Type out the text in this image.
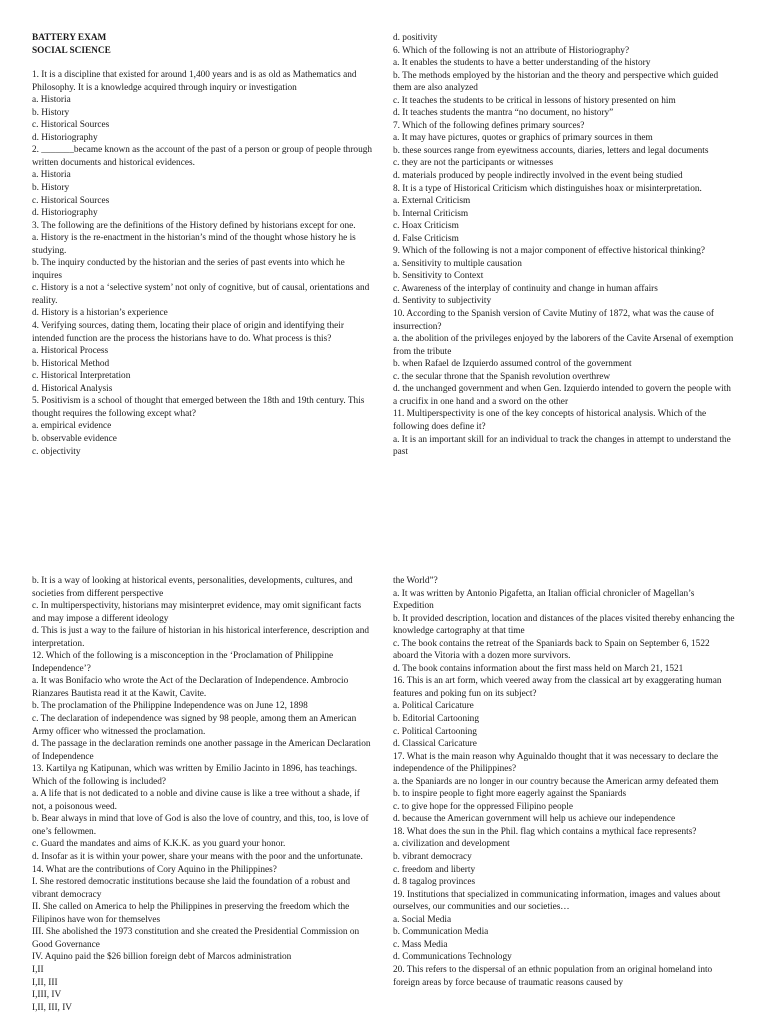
BATTERY EXAM

SOCIAL SCIENCE

1. It is a discipline that existed for around 1,400 years and is as old as Mathematics and Philosophy. It is a knowledge acquired through inquiry or investigation

a. Historia

b. History

c. Historical Sources

d. Historiography

2. _______became known as the account of the past of a person or group of people through written documents and historical evidences.

a. Historia

b. History

c. Historical Sources

d. Historiography

3. The following are the definitions of the History defined by historians except for one.

a. History is the re-enactment in the historian’s mind of the thought whose history he is studying.

b. The inquiry conducted by the historian and the series of past events into which he inquires

c. History is a not a ‘selective system’ not only of cognitive, but of causal, orientations and reality.

d. History is a historian’s experience

4. Verifying sources, dating them, locating their place of origin and identifying their intended function are the process the historians have to do. What process is this?

a. Historical Process

b. Historical Method

c. Historical Interpretation

d. Historical Analysis

5. Positivism is a school of thought that emerged between the 18th and 19th century. This thought requires the following except what?

a. empirical evidence

b. observable evidence

c. objectivity

d. positivity

6. Which of the following is not an attribute of Historiography?

a. It enables the students to have a better understanding of the history

b. The methods employed by the historian and the theory and perspective which guided them are also analyzed

c. It teaches the students to be critical in lessons of history presented on him

d. It teaches students the mantra “no document, no history”

7. Which of the following defines primary sources?

a. It may have pictures, quotes or graphics of primary sources in them

b. these sources range from eyewitness accounts, diaries, letters and legal documents

c. they are not the participants or witnesses

d. materials produced by people indirectly involved in the event being studied

8. It is a type of Historical Criticism which distinguishes hoax or misinterpretation.

a. External Criticism

b. Internal Criticism

c. Hoax Criticism

d. False Criticism

9. Which of the following is not a major component of effective historical thinking?

a. Sensitivity to multiple causation

b. Sensitivity to Context

c. Awareness of the interplay of continuity and change in human affairs

d. Sentivity to subjectivity

10. According to the Spanish version of Cavite Mutiny of 1872, what was the cause of insurrection?

a. the abolition of the privileges enjoyed by the laborers of the Cavite Arsenal of exemption from the tribute

b. when Rafael de Izquierdo assumed control of the government

c. the secular throne that the Spanish revolution overthrew

d. the unchanged government and when Gen. Izquierdo intended to govern the people with a crucifix in one hand and a sword on the other

11. Multiperspectivity is one of the key concepts of historical analysis. Which of the following does define it?

a. It is an important skill for an individual to track the changes in attempt to understand the past

b. It is a way of looking at historical events, personalities, developments, cultures, and societies from different perspective

c. In multiperspectivity, historians may misinterpret evidence, may omit significant facts and may impose a different ideology

d. This is just a way to the failure of historian in his historical interference, description and interpretation.

12. Which of the following is a misconception in the ‘Proclamation of Philippine Independence’?

a. It was Bonifacio who wrote the Act of the Declaration of Independence. Ambrocio Rianzares Bautista read it at the Kawit, Cavite.

b. The proclamation of the Philippine Independence was on June 12, 1898

c. The declaration of independence was signed by 98 people, among them an American Army officer who witnessed the proclamation.

d. The passage in the declaration reminds one another passage in the American Declaration of Independence

13. Kartilya ng Katipunan, which was written by Emilio Jacinto in 1896, has teachings. Which of the following is included?

a. A life that is not dedicated to a noble and divine cause is like a tree without a shade, if not, a poisonous weed.

b. Bear always in mind that love of God is also the love of country, and this, too, is love of one’s fellowmen.

c. Guard the mandates and aims of K.K.K. as you guard your honor.

d. Insofar as it is within your power, share your means with the poor and the unfortunate.

14. What are the contributions of Cory Aquino in the Philippines?

I. She restored democratic institutions because she laid the foundation of a robust and vibrant democracy

II. She called on America to help the Philippines in preserving the freedom which the Filipinos have won for themselves

III. She abolished the 1973 constitution and she created the Presidential Commission on Good Governance

IV. Aquino paid the $26 billion foreign debt of Marcos administration

I,II

I,II, III

I,III, IV

I,II, III, IV

the World”?

a. It was written by Antonio Pigafetta, an Italian official chronicler of Magellan’s Expedition

b. It provided description, location and distances of the places visited thereby enhancing the knowledge cartography at that time

c. The book contains the retreat of the Spaniards back to Spain on September 6, 1522 aboard the Vitoria with a dozen more survivors.

d. The book contains information about the first mass held on March 21, 1521

16. This is an art form, which veered away from the classical art by exaggerating human features and poking fun on its subject?

a. Political Caricature

b. Editorial Cartooning

c. Political Cartooning

d. Classical Caricature

17. What is the main reason why Aguinaldo thought that it was necessary to declare the independence of the Philippines?

a. the Spaniards are no longer in our country because the American army defeated them

b. to inspire people to fight more eagerly against the Spaniards

c. to give hope for the oppressed Filipino people

d. because the American government will help us achieve our independence

18. What does the sun in the Phil. flag which contains a mythical face represents?

a. civilization and development

b. vibrant democracy

c. freedom and liberty

d. 8 tagalog provinces

19. Institutions that specialized in communicating information, images and values about ourselves, our communities and our societies…

a. Social Media

b. Communication Media

c. Mass Media

d. Communications Technology

20. This refers to the dispersal of an ethnic population from an original homeland into foreign areas by force because of traumatic reasons caused by
